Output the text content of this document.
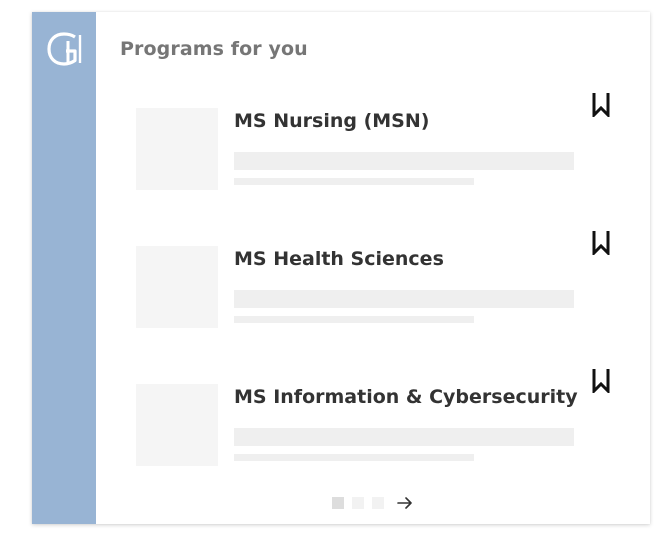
Programs for you
MS Nursing (MSN)
MS Health Sciences
MS Information & Cybersecurity
